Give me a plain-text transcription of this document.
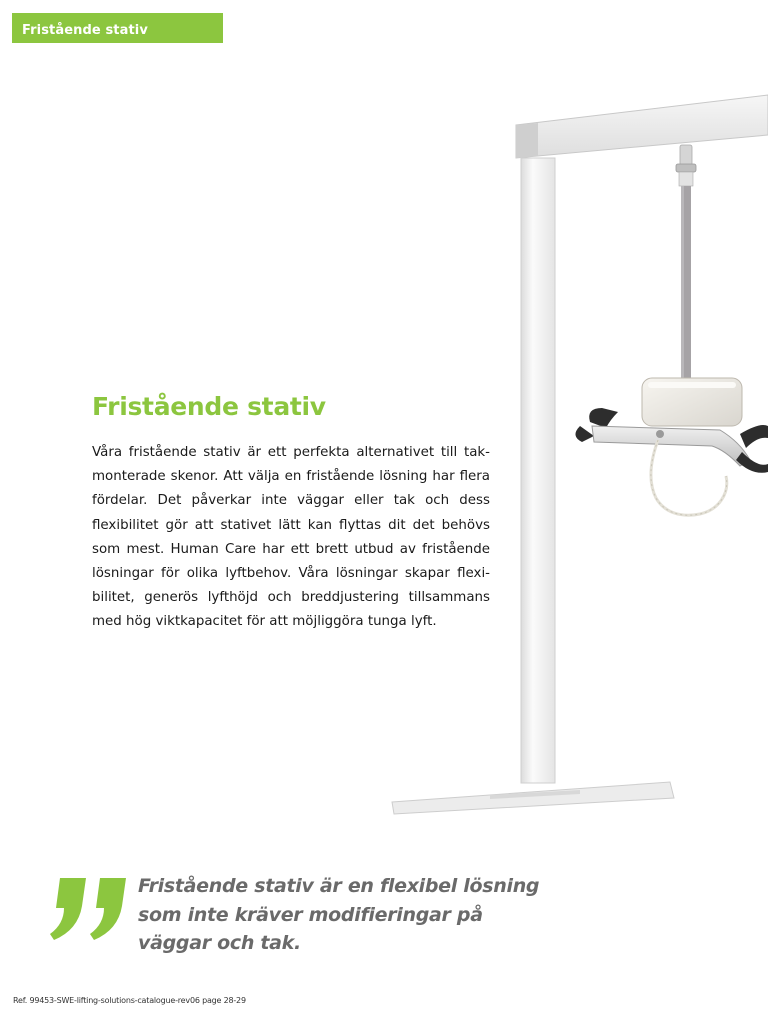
Fristående stativ
Fristående stativ

Våra fristående stativ är ett perfekta alternativet till tak-monterade skenor. Att välja en fristående lösning har flera fördelar. Det påverkar inte väggar eller tak och dess flexibilitet gör att stativet lätt kan flyttas dit det behövs som mest. Human Care har ett brett utbud av fristående lösningar för olika lyftbehov. Våra lösningar skapar flexi-bilitet, generös lyfthöjd och breddjustering tillsammans med hög viktkapacitet för att möjliggöra tunga lyft.

Fristående stativ är en flexibel lösning som inte kräver modifieringar på väggar och tak.

Ref. 99453-SWE-lifting-solutions-catalogue-rev06 page 28-29
